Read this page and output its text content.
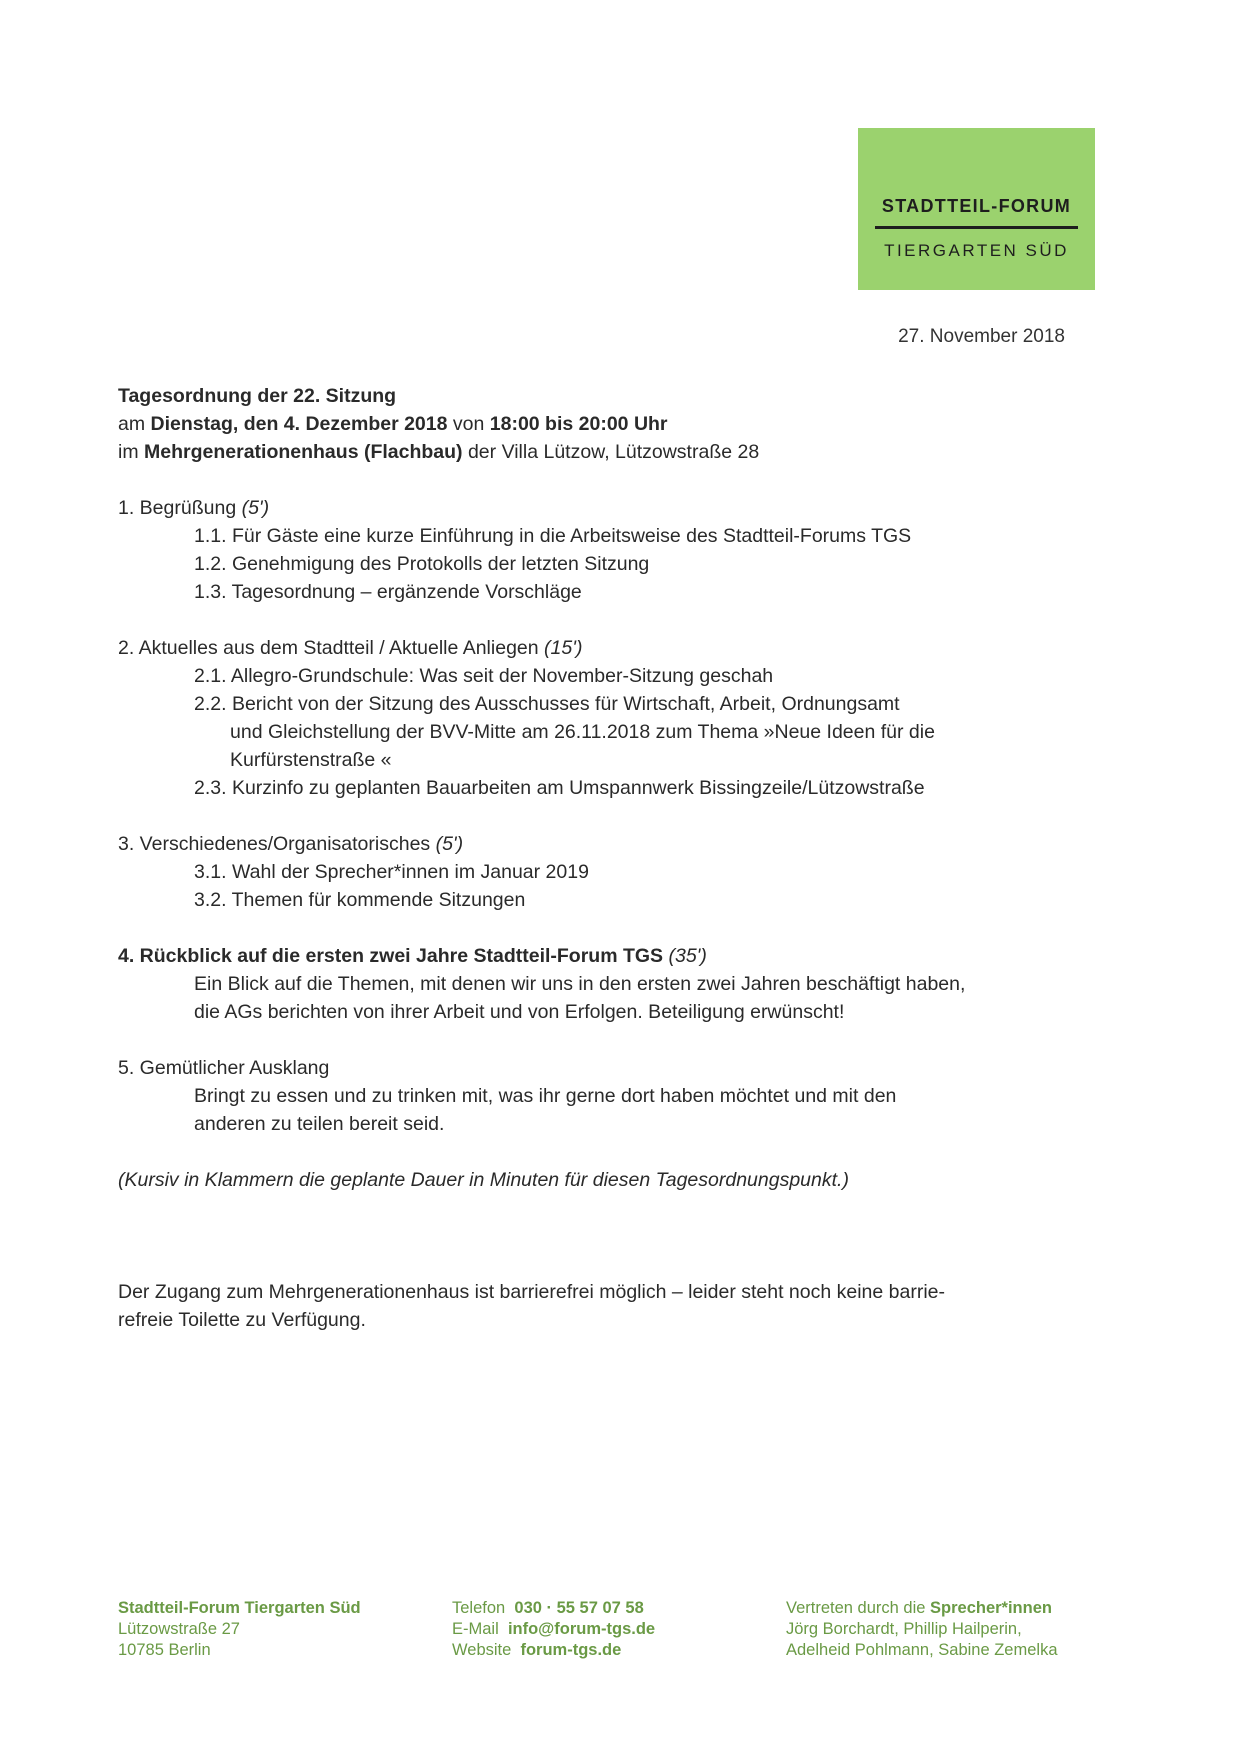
STADTTEIL-FORUM
TIERGARTEN SÜD
27. November 2018

Tagesordnung der 22. Sitzung

am Dienstag, den 4. Dezember 2018 von 18:00 bis 20:00 Uhr

im Mehrgenerationenhaus (Flachbau) der Villa Lützow, Lützowstraße 28

1. Begrüßung (5')

1.1. Für Gäste eine kurze Einführung in die Arbeitsweise des Stadtteil-Forums TGS

1.2. Genehmigung des Protokolls der letzten Sitzung

1.3. Tagesordnung – ergänzende Vorschläge

2. Aktuelles aus dem Stadtteil / Aktuelle Anliegen (15')

2.1. Allegro-Grundschule: Was seit der November-Sitzung geschah

2.2. Bericht von der Sitzung des Ausschusses für Wirtschaft, Arbeit, Ordnungsamt

und Gleichstellung der BVV-Mitte am 26.11.2018 zum Thema »Neue Ideen für die

Kurfürstenstraße «

2.3. Kurzinfo zu geplanten Bauarbeiten am Umspannwerk Bissingzeile/Lützowstraße

3. Verschiedenes/Organisatorisches (5')

3.1. Wahl der Sprecher*innen im Januar 2019

3.2. Themen für kommende Sitzungen

4. Rückblick auf die ersten zwei Jahre Stadtteil-Forum TGS (35')

Ein Blick auf die Themen, mit denen wir uns in den ersten zwei Jahren beschäftigt haben,

die AGs berichten von ihrer Arbeit und von Erfolgen. Beteiligung erwünscht!

5. Gemütlicher Ausklang

Bringt zu essen und zu trinken mit, was ihr gerne dort haben möchtet und mit den

anderen zu teilen bereit seid.

(Kursiv in Klammern die geplante Dauer in Minuten für diesen Tagesordnungspunkt.)

Der Zugang zum Mehrgenerationenhaus ist barrierefrei möglich – leider steht noch keine barrie-

refreie Toilette zu Verfügung.

Stadtteil-Forum Tiergarten Süd

Lützowstraße 27

10785 Berlin

Telefon 030 · 55 57 07 58

E-Mail info@forum-tgs.de

Website forum-tgs.de

Vertreten durch die Sprecher*innen

Jörg Borchardt, Phillip Hailperin,

Adelheid Pohlmann, Sabine Zemelka
